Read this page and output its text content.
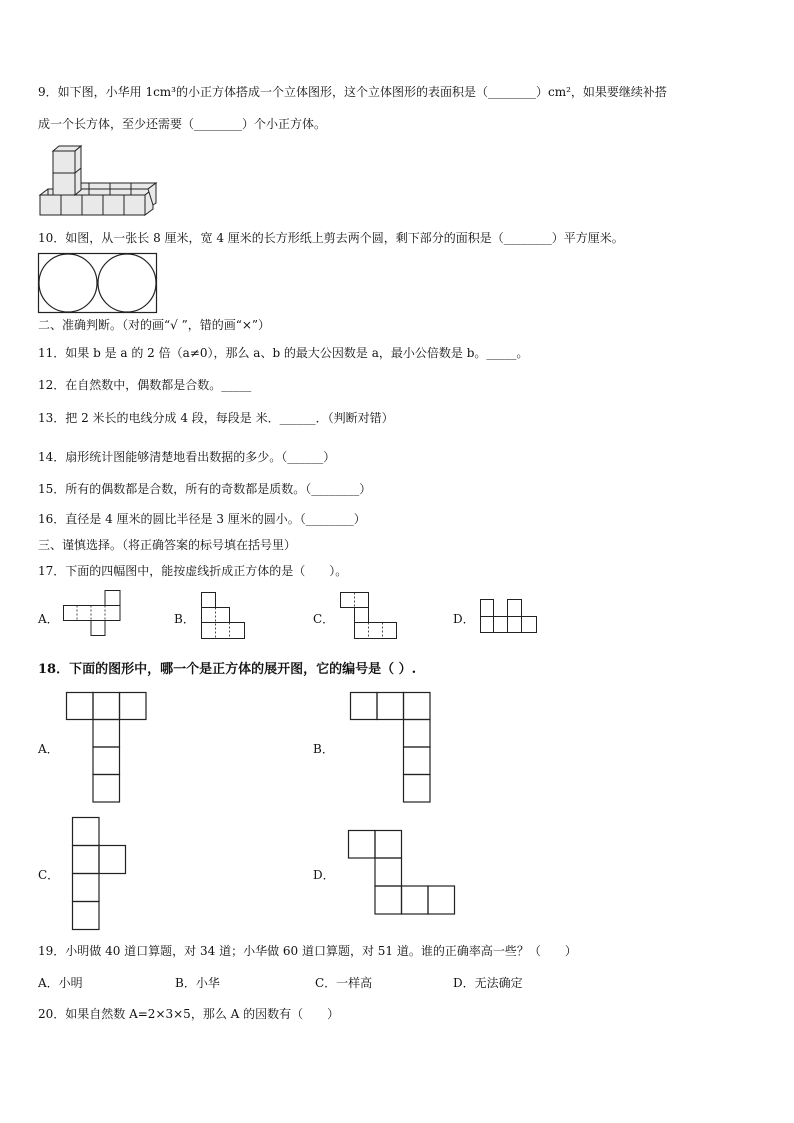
9．如下图，小华用 1cm³的小正方体搭成一个立体图形，这个立体图形的表面积是（________）cm²，如果要继续补搭
成一个长方体，至少还需要（________）个小正方体。
10．如图，从一张长 8 厘米，宽 4 厘米的长方形纸上剪去两个圆，剩下部分的面积是（________）平方厘米。
二、准确判断。（对的画“√ ”，错的画“×”）
11．如果 b 是 a 的 2 倍（a≠0），那么 a、b 的最大公因数是 a，最小公倍数是 b。_____。
12．在自然数中，偶数都是合数。_____
13．把 2 米长的电线分成 4 段，每段是 米．______．（判断对错）
14．扇形统计图能够清楚地看出数据的多少。（______）
15．所有的偶数都是合数，所有的奇数都是质数。（________）
16．直径是 4 厘米的圆比半径是 3 厘米的圆小。（________）
三、谨慎选择。（将正确答案的标号填在括号里）
17．下面的四幅图中，能按虚线折成正方体的是（　　）。
A．	B．	C．	D．
18．下面的图形中，哪一个是正方体的展开图，它的编号是（ ）.
A．	B．
C．	D．
19．小明做 40 道口算题，对 34 道；小华做 60 道口算题，对 51 道。谁的正确率高一些？（　　）
A．小明	B．小华	C．一样高	D．无法确定
20．如果自然数 A=2×3×5，那么 A 的因数有（　　）
